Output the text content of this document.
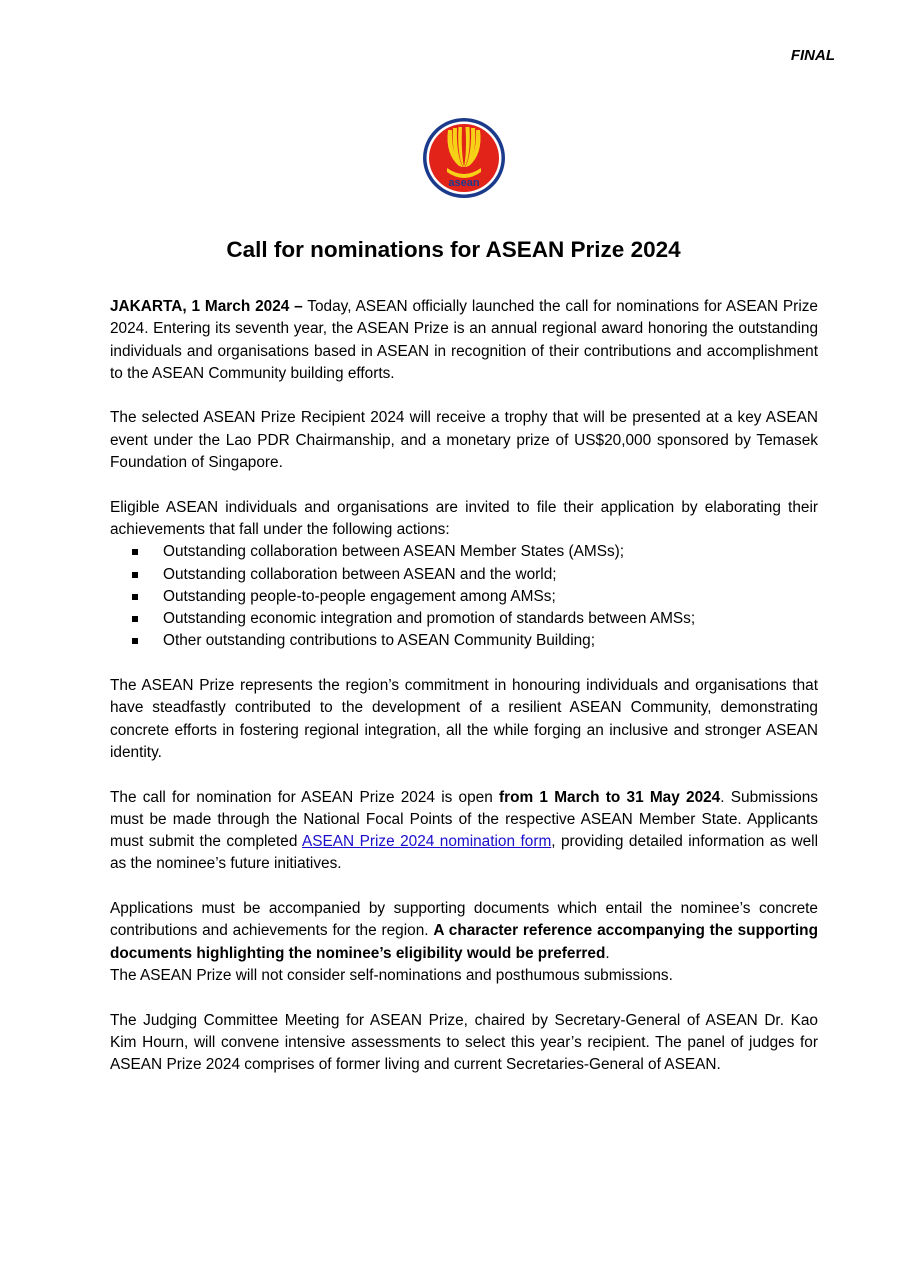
FINAL
asean
Call for nominations for ASEAN Prize 2024

JAKARTA, 1 March 2024 – Today, ASEAN officially launched the call for nominations for ASEAN Prize 2024. Entering its seventh year, the ASEAN Prize is an annual regional award honoring the outstanding individuals and organisations based in ASEAN in recognition of their contributions and accomplishment to the ASEAN Community building efforts.

The selected ASEAN Prize Recipient 2024 will receive a trophy that will be presented at a key ASEAN event under the Lao PDR Chairmanship, and a monetary prize of US$20,000 sponsored by Temasek Foundation of Singapore.

Eligible ASEAN individuals and organisations are invited to file their application by elaborating their achievements that fall under the following actions:

Outstanding collaboration between ASEAN Member States (AMSs);
Outstanding collaboration between ASEAN and the world;
Outstanding people-to-people engagement among AMSs;
Outstanding economic integration and promotion of standards between AMSs;
Other outstanding contributions to ASEAN Community Building;

The ASEAN Prize represents the region’s commitment in honouring individuals and organisations that have steadfastly contributed to the development of a resilient ASEAN Community, demonstrating concrete efforts in fostering regional integration, all the while forging an inclusive and stronger ASEAN identity.

The call for nomination for ASEAN Prize 2024 is open from 1 March to 31 May 2024. Submissions must be made through the National Focal Points of the respective ASEAN Member State. Applicants must submit the completed ASEAN Prize 2024 nomination form, providing detailed information as well as the nominee’s future initiatives.

Applications must be accompanied by supporting documents which entail the nominee’s concrete contributions and achievements for the region. A character reference accompanying the supporting documents highlighting the nominee’s eligibility would be preferred.
The ASEAN Prize will not consider self-nominations and posthumous submissions.

The Judging Committee Meeting for ASEAN Prize, chaired by Secretary-General of ASEAN Dr. Kao Kim Hourn, will convene intensive assessments to select this year’s recipient. The panel of judges for ASEAN Prize 2024 comprises of former living and current Secretaries-General of ASEAN.
